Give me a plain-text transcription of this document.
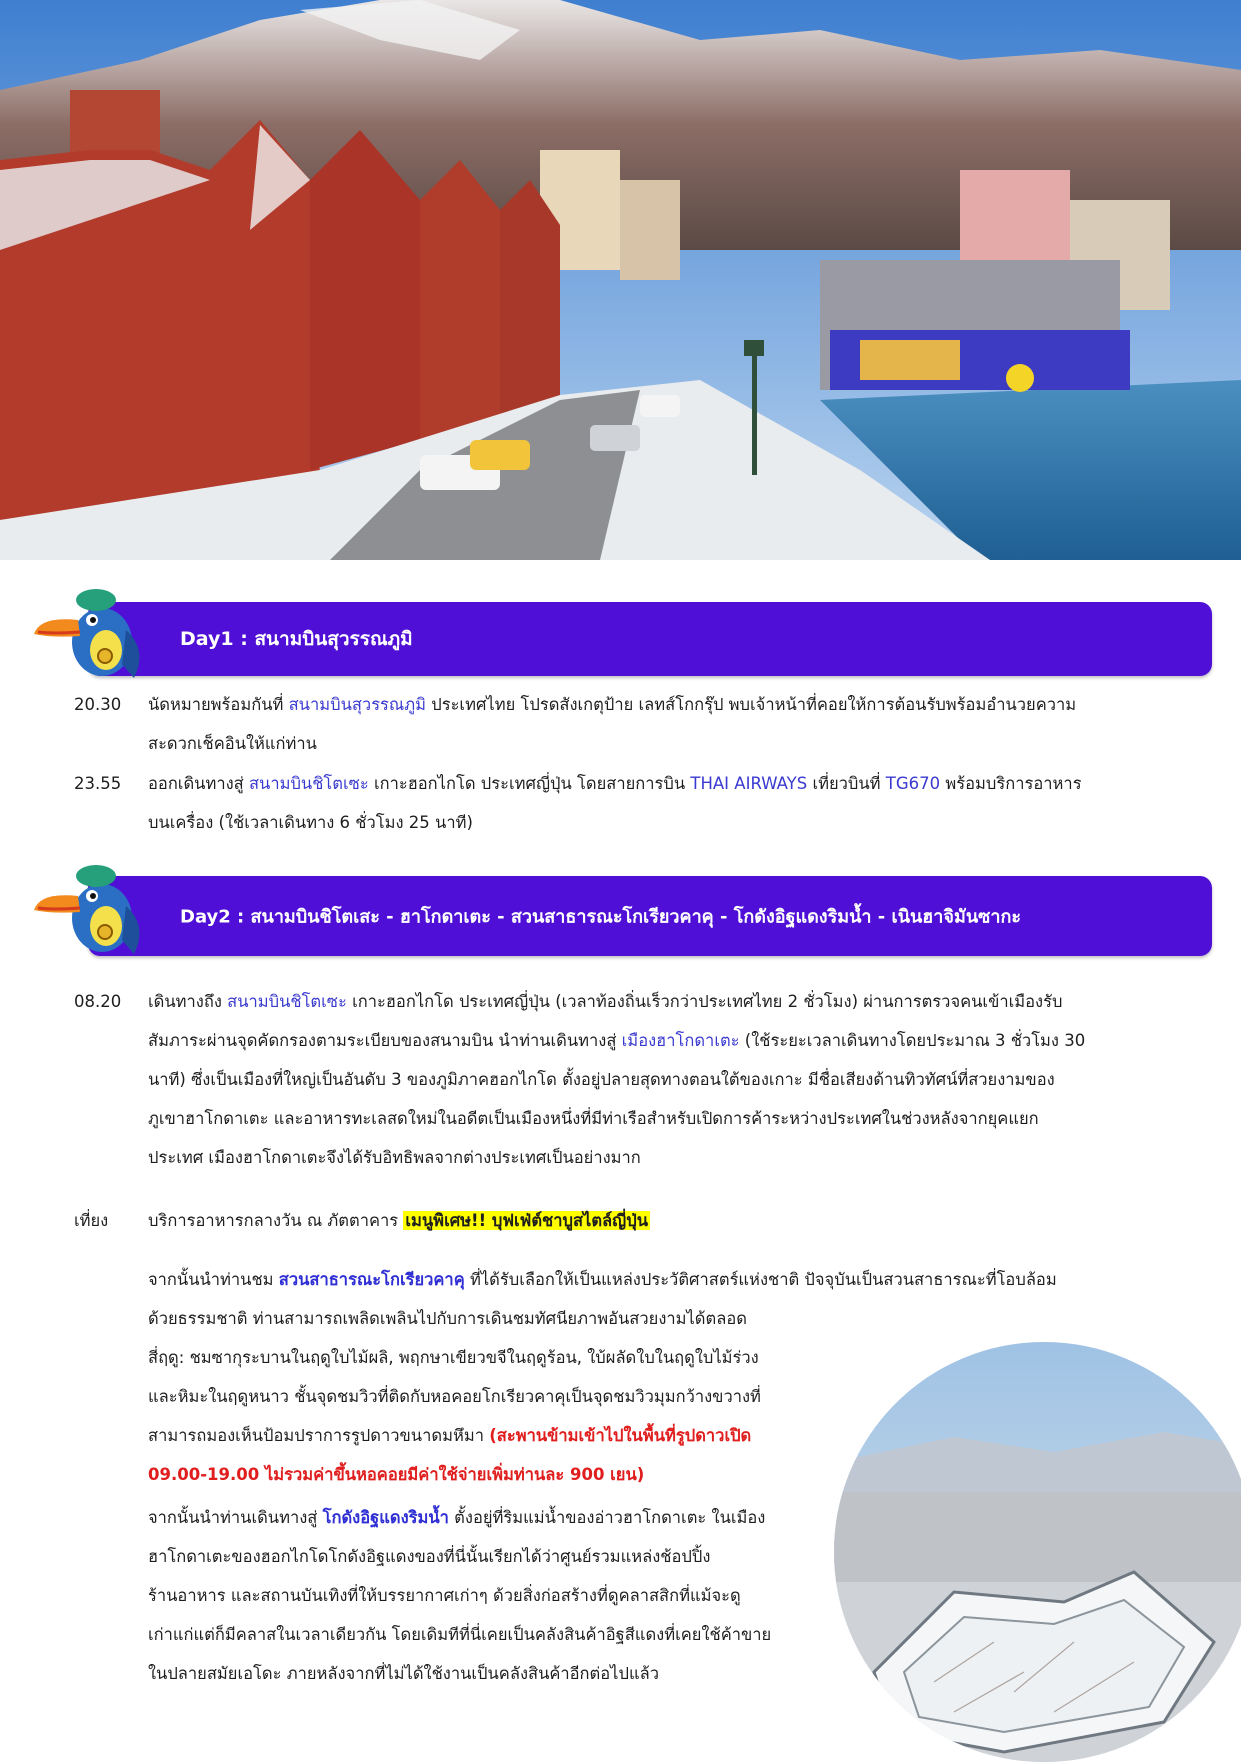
Day1 : สนามบินสุวรรณภูมิ
20.30	นัดหมายพร้อมกันที่ สนามบินสุวรรณภูมิ ประเทศไทย โปรดสังเกตุป้าย เลทส์โกกรุ๊ป พบเจ้าหน้าที่คอยให้การต้อนรับพร้อมอำนวยความ
สะดวกเช็คอินให้แก่ท่าน
23.55	ออกเดินทางสู่ สนามบินชิโตเซะ เกาะฮอกไกโด ประเทศญี่ปุ่น โดยสายการบิน THAI AIRWAYS เที่ยวบินที่ TG670 พร้อมบริการอาหาร
บนเครื่อง (ใช้เวลาเดินทาง 6 ชั่วโมง 25 นาที)
Day2 : สนามบินชิโตเสะ - ฮาโกดาเตะ - สวนสาธารณะโกเรียวคาคุ - โกดังอิฐแดงริมน้ำ - เนินฮาจิมันซากะ
08.20	เดินทางถึง สนามบินชิโตเซะ เกาะฮอกไกโด ประเทศญี่ปุ่น (เวลาท้องถิ่นเร็วกว่าประเทศไทย 2 ชั่วโมง) ผ่านการตรวจคนเข้าเมืองรับ
สัมภาระผ่านจุดคัดกรองตามระเบียบของสนามบิน นำท่านเดินทางสู่ เมืองฮาโกดาเตะ (ใช้ระยะเวลาเดินทางโดยประมาณ 3 ชั่วโมง 30
นาที) ซึ่งเป็นเมืองที่ใหญ่เป็นอันดับ 3 ของภูมิภาคฮอกไกโด ตั้งอยู่ปลายสุดทางตอนใต้ของเกาะ มีชื่อเสียงด้านทิวทัศน์ที่สวยงามของ
ภูเขาฮาโกดาเตะ และอาหารทะเลสดใหม่ในอดีตเป็นเมืองหนึ่งที่มีท่าเรือสำหรับเปิดการค้าระหว่างประเทศในช่วงหลังจากยุคแยก
ประเทศ เมืองฮาโกดาเตะจึงได้รับอิทธิพลจากต่างประเทศเป็นอย่างมาก
เที่ยง	บริการอาหารกลางวัน ณ ภัตตาคาร เมนูพิเศษ!! บุฟเฟ่ต์ชาบูสไตล์ญี่ปุ่น
จากนั้นนำท่านชม สวนสาธารณะโกเรียวคาคุ ที่ได้รับเลือกให้เป็นแหล่งประวัติศาสตร์แห่งชาติ ปัจจุบันเป็นสวนสาธารณะที่โอบล้อม
ด้วยธรรมชาติ ท่านสามารถเพลิดเพลินไปกับการเดินชมทัศนียภาพอันสวยงามได้ตลอด
สี่ฤดู: ชมซากุระบานในฤดูใบไม้ผลิ, พฤกษาเขียวขจีในฤดูร้อน, ใบ้ผลัดใบในฤดูใบไม้ร่วง
และหิมะในฤดูหนาว ชั้นจุดชมวิวที่ติดกับหอคอยโกเรียวคาคุเป็นจุดชมวิวมุมกว้างขวางที่
สามารถมองเห็นป้อมปราการรูปดาวขนาดมหึมา (สะพานข้ามเข้าไปในพื้นที่รูปดาวเปิด
09.00-19.00 ไม่รวมค่าขึ้นหอคอยมีค่าใช้จ่ายเพิ่มท่านละ 900 เยน)
จากนั้นนำท่านเดินทางสู่ โกดังอิฐแดงริมน้ำ ตั้งอยู่ที่ริมแม่น้ำของอ่าวฮาโกดาเตะ ในเมือง
ฮาโกดาเตะของฮอกไกโดโกดังอิฐแดงของที่นี่นั้นเรียกได้ว่าศูนย์รวมแหล่งช้อปปิ้ง
ร้านอาหาร และสถานบันเทิงที่ให้บรรยากาศเก่าๆ ด้วยสิ่งก่อสร้างที่ดูคลาสสิกที่แม้จะดู
เก่าแก่แต่ก็มีคลาสในเวลาเดียวกัน โดยเดิมทีที่นี่เคยเป็นคลังสินค้าอิฐสีแดงที่เคยใช้ค้าขาย
ในปลายสมัยเอโดะ ภายหลังจากที่ไม่ได้ใช้งานเป็นคลังสินค้าอีกต่อไปแล้ว
